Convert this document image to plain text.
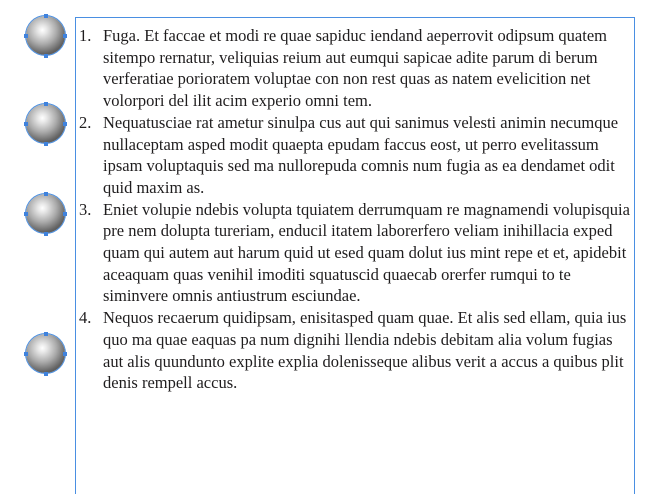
1. Fuga. Et faccae et modi re quae sapiduc iendand aeperrovit odipsum quatem sitempo rernatur, veliquias reium aut eumqui sapicae adite parum di berum verferatiae porioratem voluptae con non rest quas as natem evelicition net volorpori del ilit acim experio omni tem.
2. Nequatusciae rat ametur sinulpa cus aut qui sanimus velesti animin necumque nullaceptam asped modit quaepta epudam faccus eost, ut perro evelitassum ipsam voluptaquis sed ma nullorepuda comnis num fugia as ea dendamet odit quid maxim as.
3. Eniet volupie ndebis volupta tquiatem derrumquam re magnamendi volupisquia pre nem dolupta tureriam, enducil itatem laborerfero veliam inihillacia exped quam qui autem aut harum quid ut esed quam dolut ius mint repe et et, apidebit aceaquam quas venihil imoditi squatuscid quaecab orerfer rumqui to te siminvere omnis antiustrum esciundae.
4. Nequos recaerum quidipsam, enisitasped quam quae. Et alis sed ellam, quia ius quo ma quae eaquas pa num dignihi llendia ndebis debitam alia volum fugias aut alis quundunto explite explia dolenisseque alibus verit a accus a quibus plit denis rempell accus.
